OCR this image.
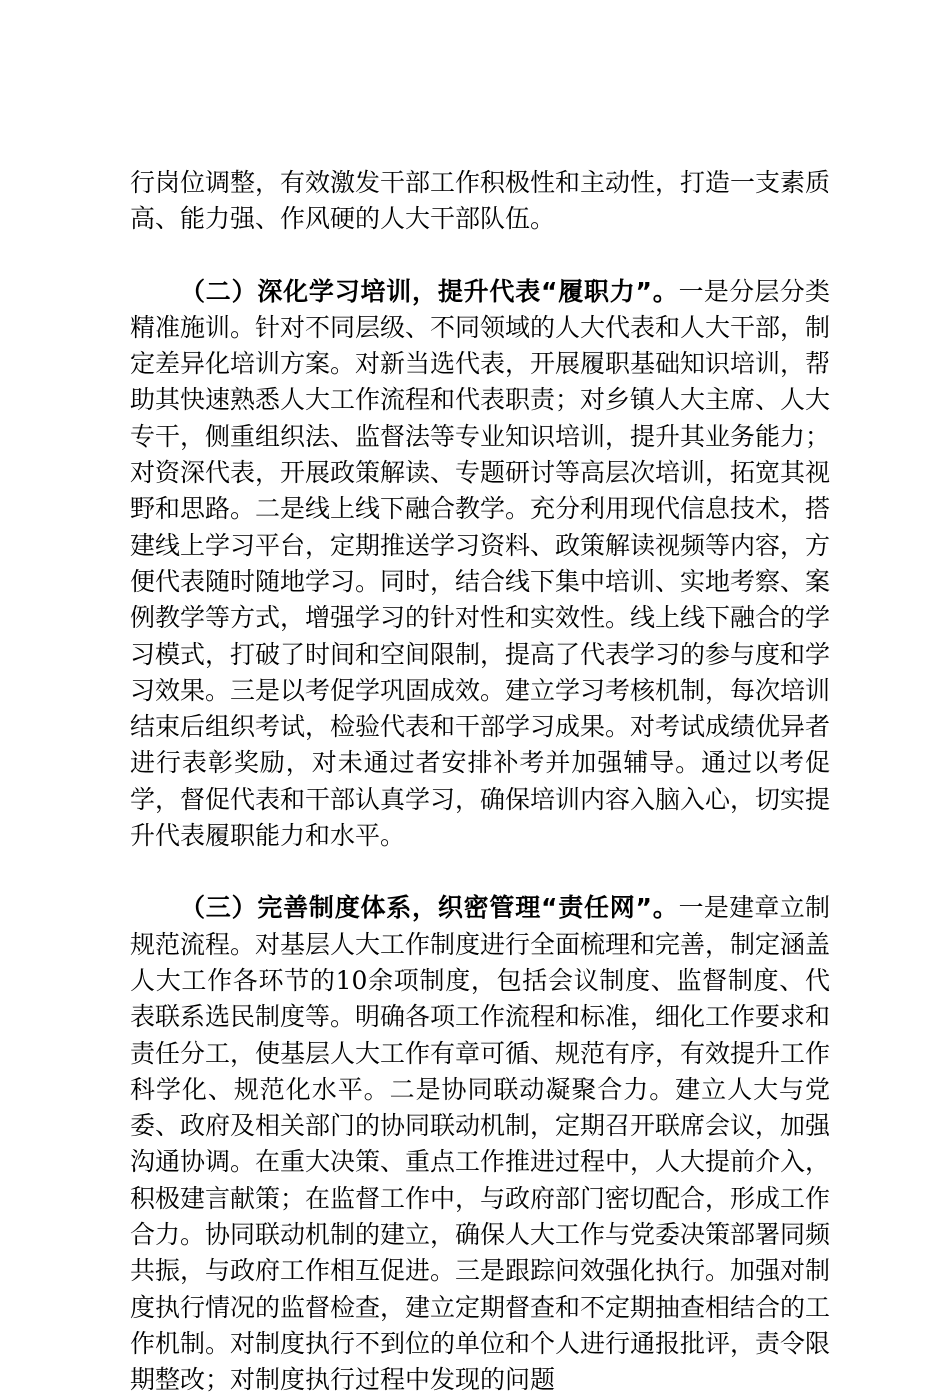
行岗位调整，有效激发干部工作积极性和主动性，打造一支素质高、能力强、作风硬的人大干部队伍。

（二）深化学习培训，提升代表“履职力”。一是分层分类精准施训。针对不同层级、不同领域的人大代表和人大干部，制定差异化培训方案。对新当选代表，开展履职基础知识培训，帮助其快速熟悉人大工作流程和代表职责；对乡镇人大主席、人大专干，侧重组织法、监督法等专业知识培训，提升其业务能力；对资深代表，开展政策解读、专题研讨等高层次培训，拓宽其视野和思路。二是线上线下融合教学。充分利用现代信息技术，搭建线上学习平台，定期推送学习资料、政策解读视频等内容，方便代表随时随地学习。同时，结合线下集中培训、实地考察、案例教学等方式，增强学习的针对性和实效性。线上线下融合的学习模式，打破了时间和空间限制，提高了代表学习的参与度和学习效果。三是以考促学巩固成效。建立学习考核机制，每次培训结束后组织考试，检验代表和干部学习成果。对考试成绩优异者进行表彰奖励，对未通过者安排补考并加强辅导。通过以考促学，督促代表和干部认真学习，确保培训内容入脑入心，切实提升代表履职能力和水平。

（三）完善制度体系，织密管理“责任网”。一是建章立制规范流程。对基层人大工作制度进行全面梳理和完善，制定涵盖人大工作各环节的10余项制度，包括会议制度、监督制度、代表联系选民制度等。明确各项工作流程和标准，细化工作要求和责任分工，使基层人大工作有章可循、规范有序，有效提升工作科学化、规范化水平。二是协同联动凝聚合力。建立人大与党委、政府及相关部门的协同联动机制，定期召开联席会议，加强沟通协调。在重大决策、重点工作推进过程中，人大提前介入，积极建言献策；在监督工作中，与政府部门密切配合，形成工作合力。协同联动机制的建立，确保人大工作与党委决策部署同频共振，与政府工作相互促进。三是跟踪问效强化执行。加强对制度执行情况的监督检查，建立定期督查和不定期抽查相结合的工作机制。对制度执行不到位的单位和个人进行通报批评，责令限期整改；对制度执行过程中发现的问题
